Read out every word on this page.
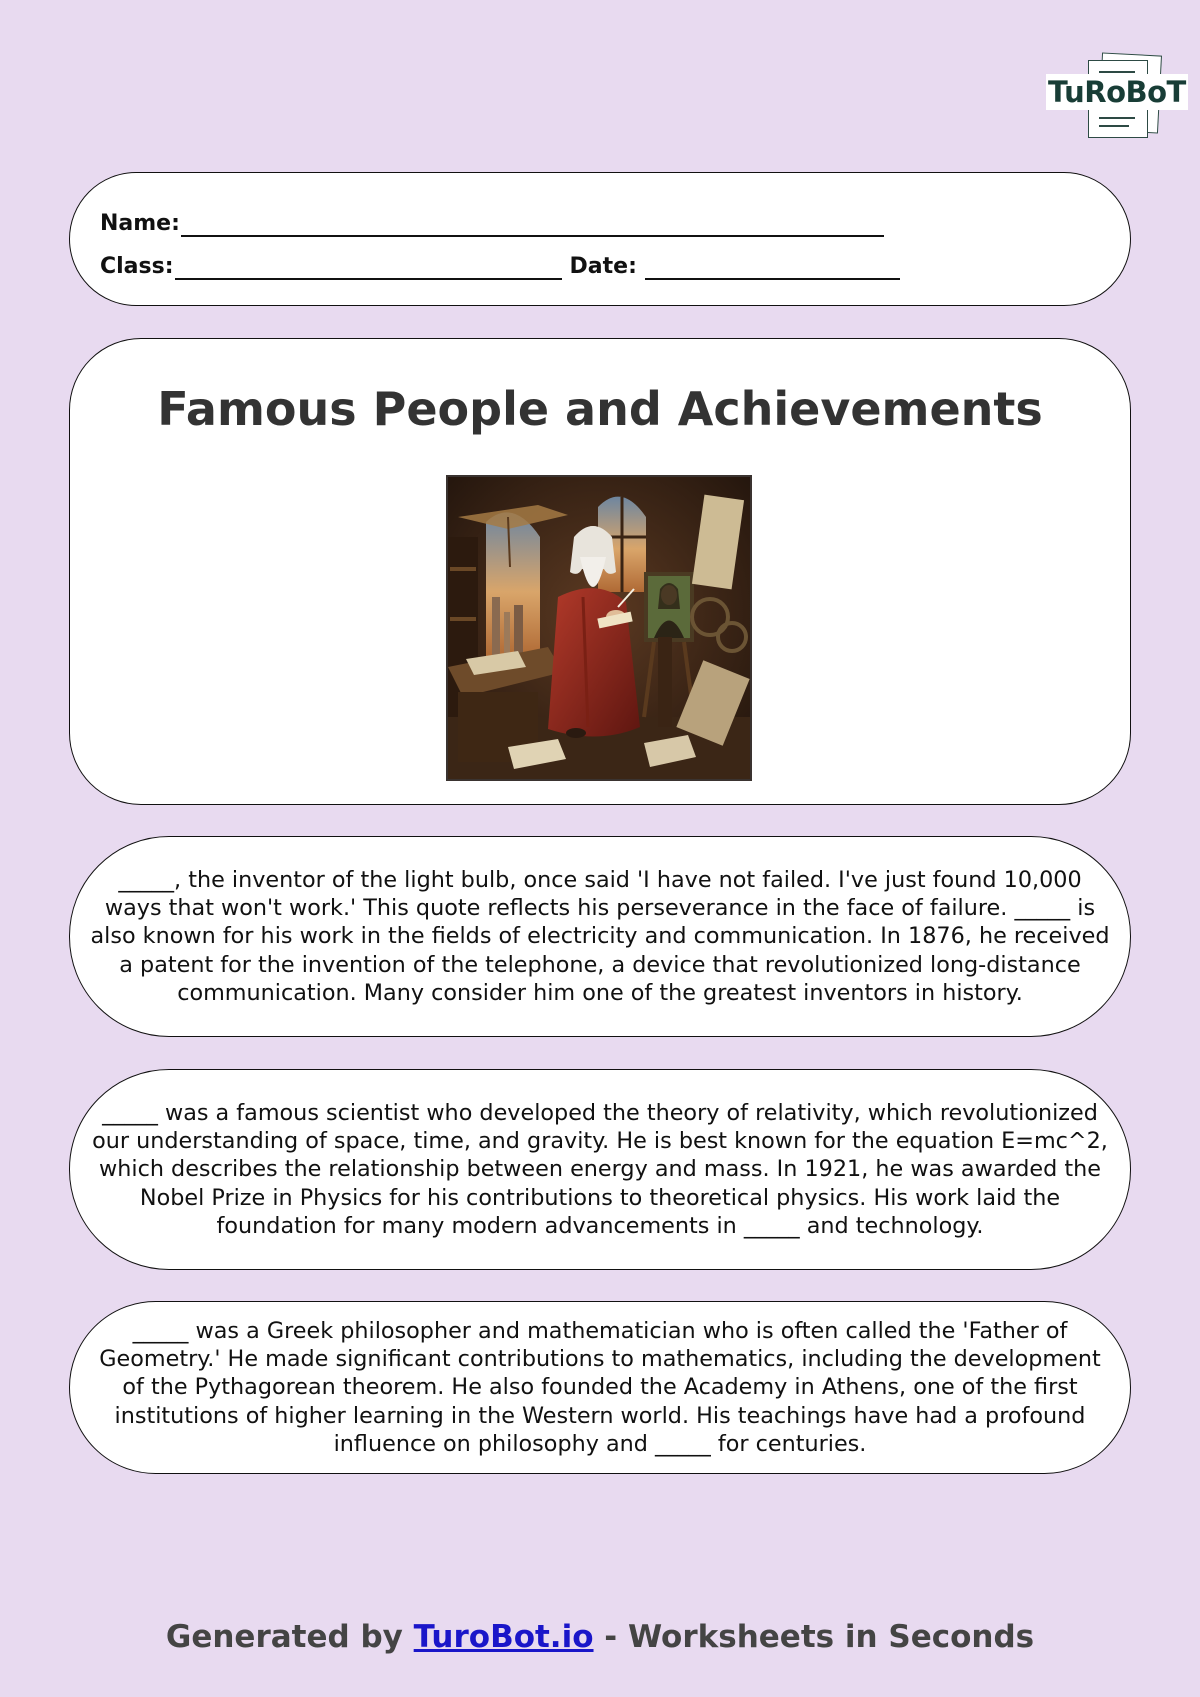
TuRoBoT
Name:
Class:	Date:
Famous People and Achievements

_____, the inventor of the light bulb, once said 'I have not failed. I've just found 10,000 ways that won't work.' This quote reflects his perseverance in the face of failure. _____ is also known for his work in the fields of electricity and communication. In 1876, he received a patent for the invention of the telephone, a device that revolutionized long-distance communication. Many consider him one of the greatest inventors in history.

_____ was a famous scientist who developed the theory of relativity, which revolutionized our understanding of space, time, and gravity. He is best known for the equation E=mc^2, which describes the relationship between energy and mass. In 1921, he was awarded the Nobel Prize in Physics for his contributions to theoretical physics. His work laid the foundation for many modern advancements in _____ and technology.

_____ was a Greek philosopher and mathematician who is often called the 'Father of Geometry.' He made significant contributions to mathematics, including the development of the Pythagorean theorem. He also founded the Academy in Athens, one of the first institutions of higher learning in the Western world. His teachings have had a profound influence on philosophy and _____ for centuries.

Generated by TuroBot.io - Worksheets in Seconds
